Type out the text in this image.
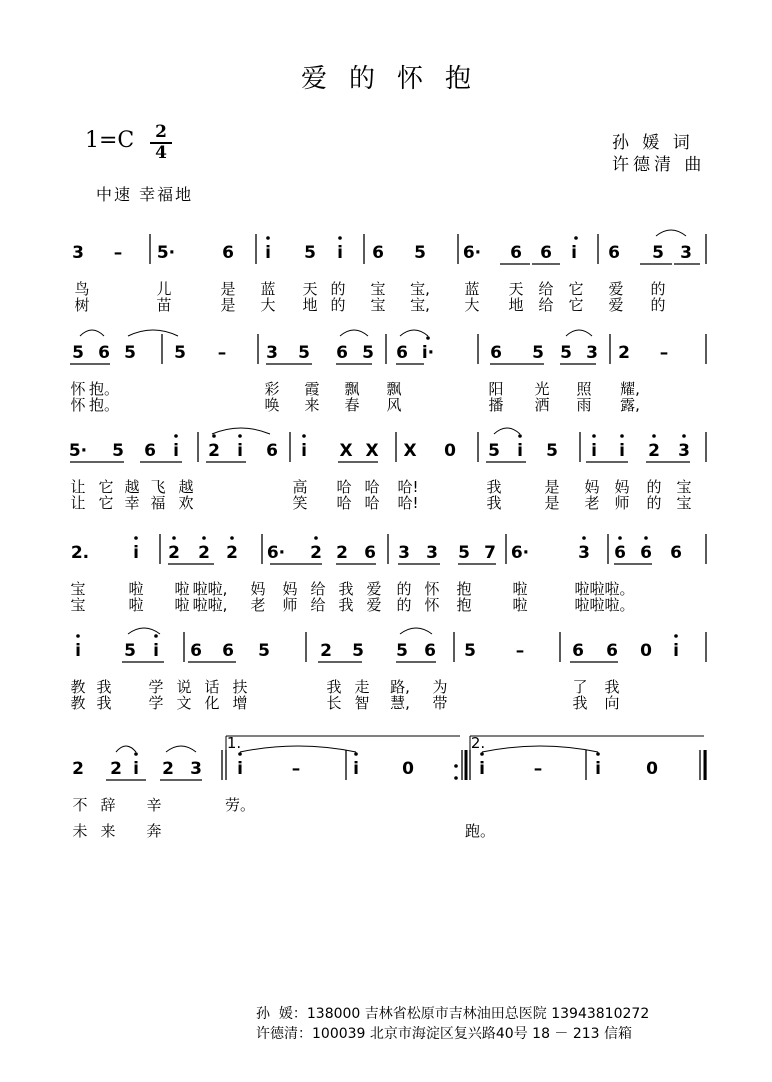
爱的怀抱
1=C 2
4	孙 媛 词
许德清 曲
中速 幸福地
3 – 5·	6 i 5 i 6 5 6· 6 6 i 6 5 3
鸟	儿	是 蓝 天 的 宝 宝, 蓝 天 给 它 爱 的
树	苗	是 大 地 的 宝 宝, 大 地 给 它 爱 的
5 6 5 5 – 3 5 6 5 6 i·	6 5 5 3 2 –
怀 抱。	彩 霞 飘 飘	阳 光 照 耀,
怀 抱。	唤 来 春 风	播 洒 雨 露,
5· 5 6 i 2 i 6 i X X X 0 5 i 5 i i 2 3
让 它 越 飞 越	高 哈 哈 哈!	我	是 妈 妈 的 宝
让 它 幸 福 欢	笑 哈 哈 哈!	我	是 老 师 的 宝
2.	i 2 2 2 6· 2 2 6 3 3 5 7 6·	3 6 6 6
宝	啦 啦 啦啦, 妈 妈 给 我 爱 的 怀 抱	啦	啦 啦啦。
宝	啦 啦 啦啦, 老 师 给 我 爱 的 怀 抱	啦	啦 啦啦。
i	5 i 6 6 5	2 5 5 6 5 –	6 6 0 i
教 我 学 说 话 扶	我 走 路, 为	了 我
教 我 学 文 化 增	长 智 慧, 带	我 向
2 2 i 2 3 i	–	i	0	i	–	i	0
不 辞 辛	劳。
未 来 奔	跑。
1.	2.
孙  媛：138000 吉林省松原市吉林油田总医院 13943810272
许德清：100039 北京市海淀区复兴路40号 18 － 213 信箱
